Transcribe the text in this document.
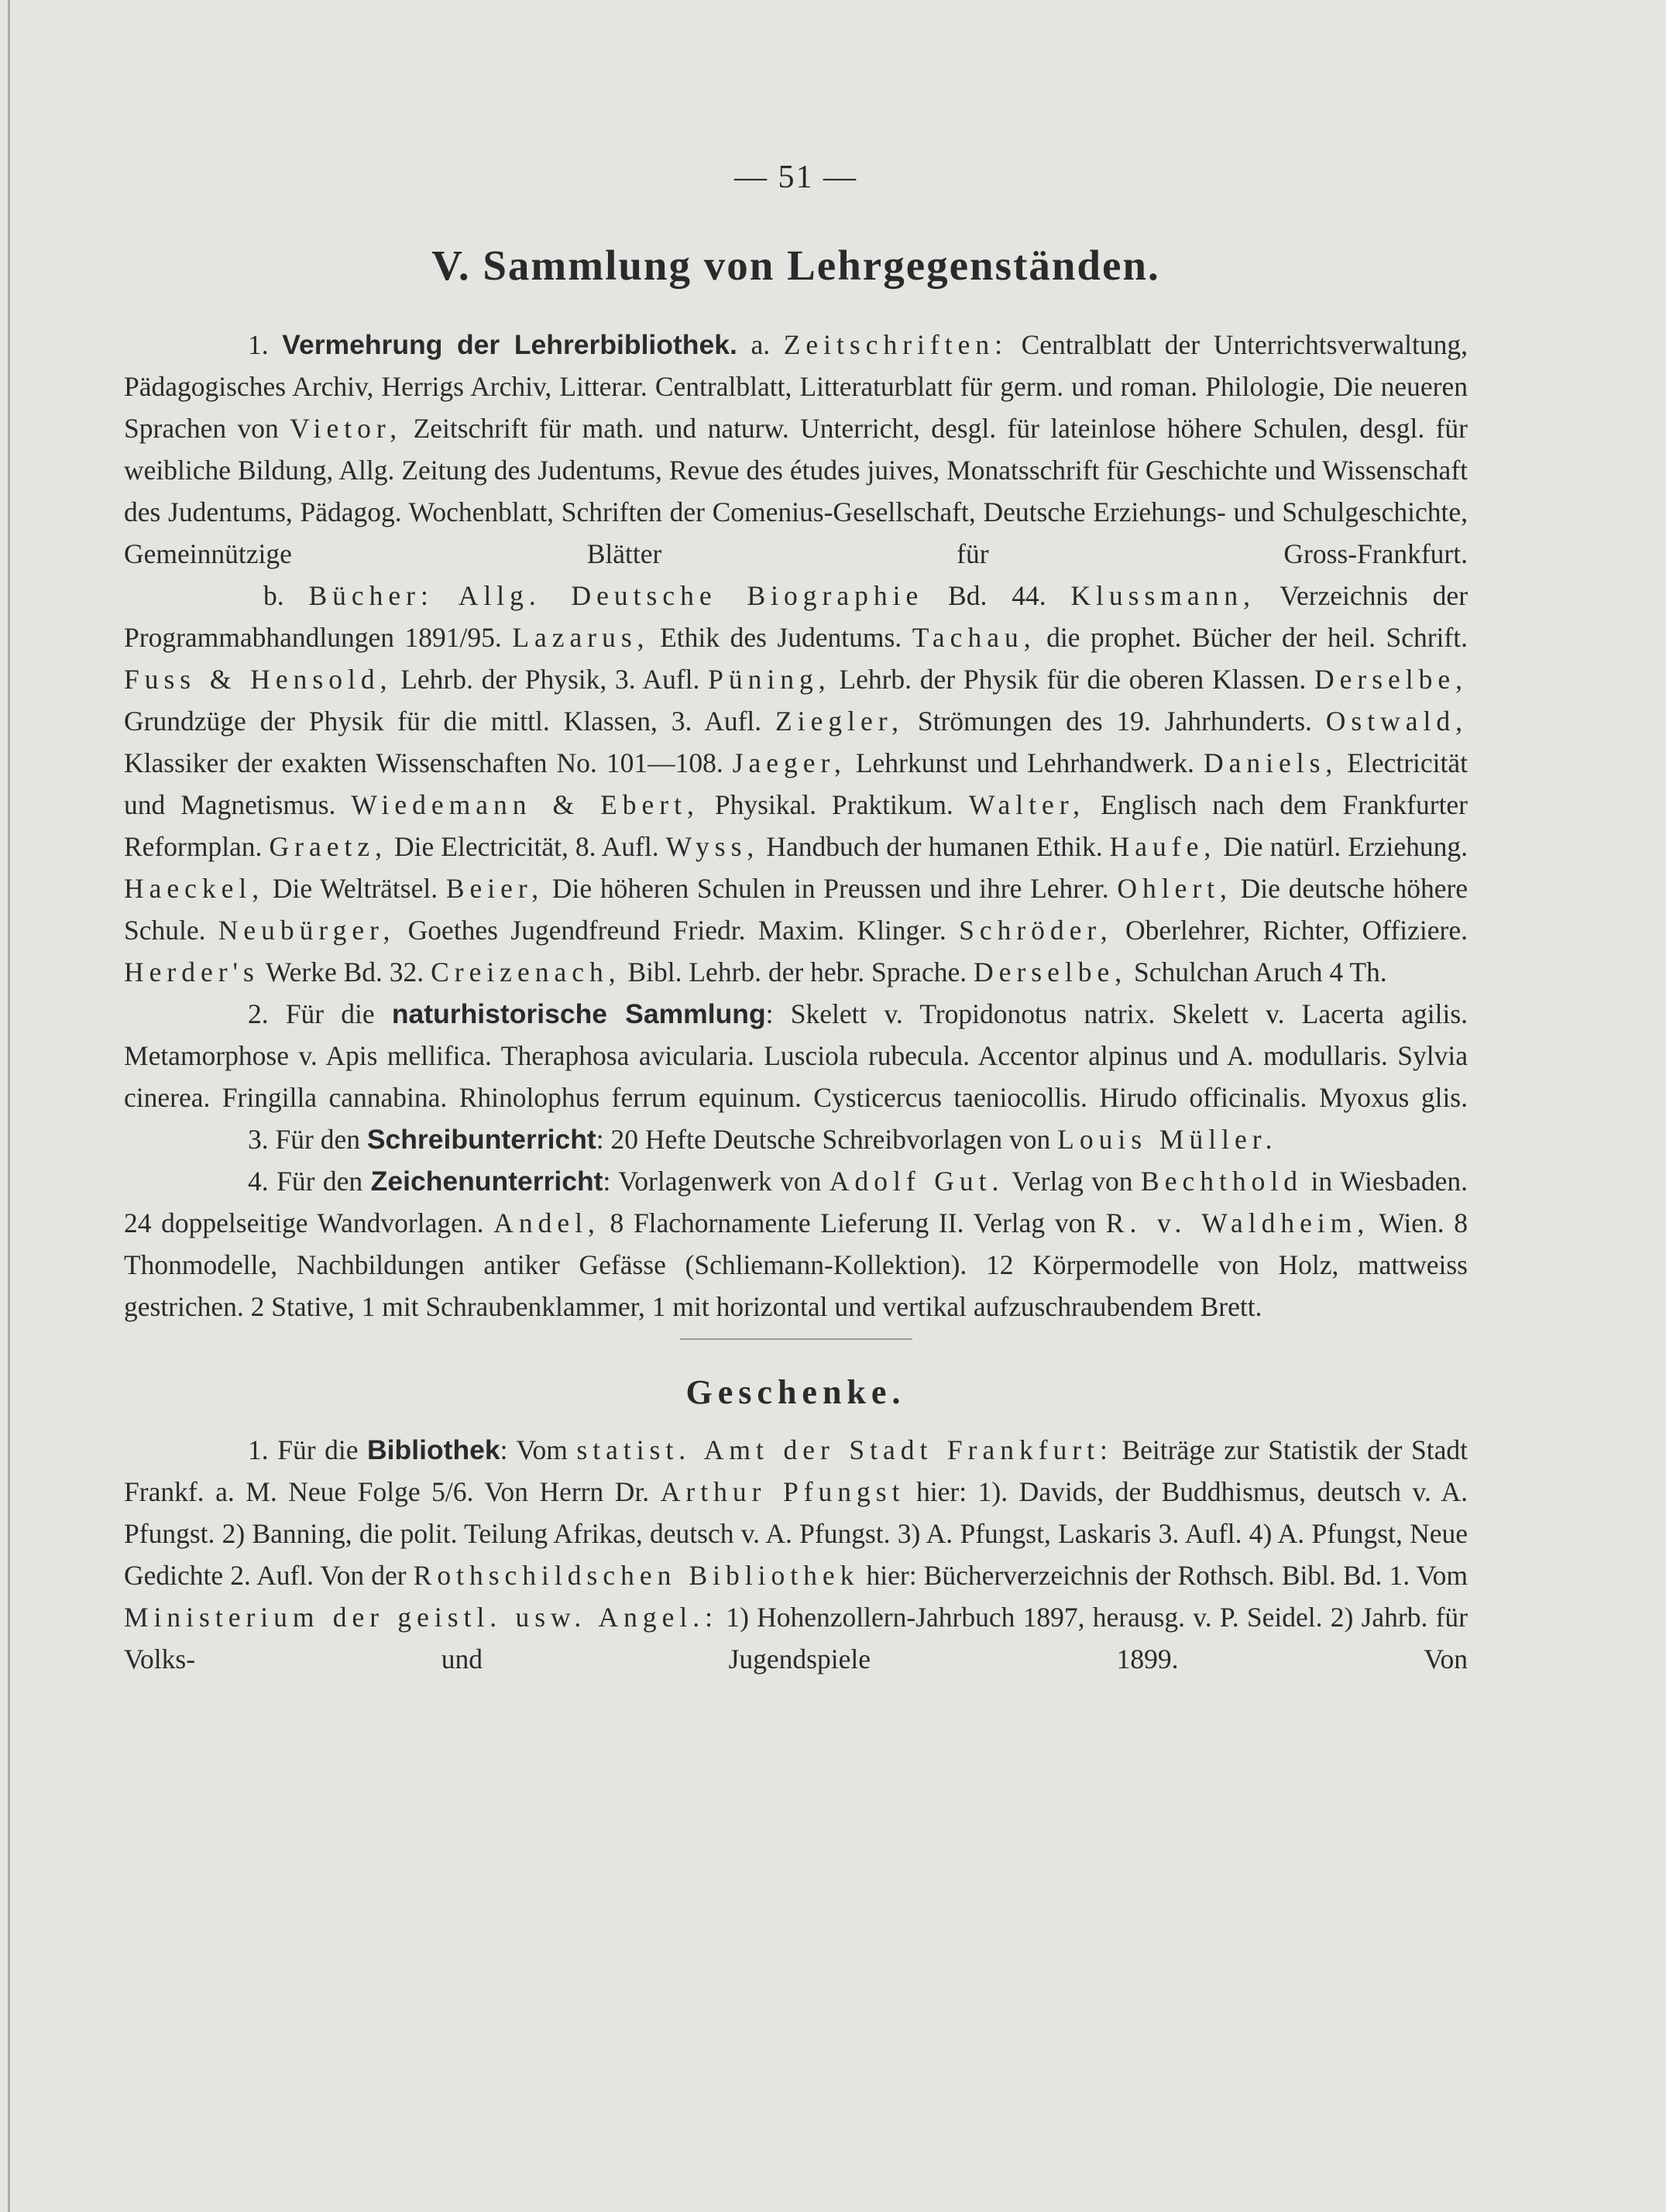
— 51 —
V. Sammlung von Lehrgegenständen.

1. Vermehrung der Lehrerbibliothek. a. Zeitschriften: Centralblatt der Unterrichtsverwaltung, Pädagogisches Archiv, Herrigs Archiv, Litterar. Centralblatt, Litteraturblatt für germ. und roman. Philologie, Die neueren Sprachen von Vietor, Zeitschrift für math. und naturw. Unterricht, desgl. für lateinlose höhere Schulen, desgl. für weibliche Bildung, Allg. Zeitung des Judentums, Revue des études juives, Monatsschrift für Geschichte und Wissenschaft des Judentums, Pädagog. Wochenblatt, Schriften der Comenius-Gesellschaft, Deutsche Erziehungs- und Schulgeschichte, Gemeinnützige Blätter für Gross-Frankfurt.

b. Bücher: Allg. Deutsche Biographie Bd. 44. Klussmann, Verzeichnis der Programmabhandlungen 1891/95. Lazarus, Ethik des Judentums. Tachau, die prophet. Bücher der heil. Schrift. Fuss & Hensold, Lehrb. der Physik, 3. Aufl. Püning, Lehrb. der Physik für die oberen Klassen. Derselbe, Grundzüge der Physik für die mittl. Klassen, 3. Aufl. Ziegler, Strömungen des 19. Jahrhunderts. Ostwald, Klassiker der exakten Wissenschaften No. 101—108. Jaeger, Lehrkunst und Lehrhandwerk. Daniels, Electricität und Magnetismus. Wiedemann & Ebert, Physikal. Praktikum. Walter, Englisch nach dem Frankfurter Reformplan. Graetz, Die Electricität, 8. Aufl. Wyss, Handbuch der humanen Ethik. Haufe, Die natürl. Erziehung. Haeckel, Die Welträtsel. Beier, Die höheren Schulen in Preussen und ihre Lehrer. Ohlert, Die deutsche höhere Schule. Neubürger, Goethes Jugendfreund Friedr. Maxim. Klinger. Schröder, Oberlehrer, Richter, Offiziere. Herder's Werke Bd. 32. Creizenach, Bibl. Lehrb. der hebr. Sprache. Derselbe, Schulchan Aruch 4 Th.

2. Für die naturhistorische Sammlung: Skelett v. Tropidonotus natrix. Skelett v. Lacerta agilis. Metamorphose v. Apis mellifica. Theraphosa avicularia. Lusciola rubecula. Accentor alpinus und A. modullaris. Sylvia cinerea. Fringilla cannabina. Rhinolophus ferrum equinum. Cysticercus taeniocollis. Hirudo officinalis. Myoxus glis.

3. Für den Schreibunterricht: 20 Hefte Deutsche Schreibvorlagen von Louis Müller.

4. Für den Zeichenunterricht: Vorlagenwerk von Adolf Gut. Verlag von Bechthold in Wiesbaden. 24 doppelseitige Wandvorlagen. Andel, 8 Flachornamente Lieferung II. Verlag von R. v. Waldheim, Wien. 8 Thonmodelle, Nachbildungen antiker Gefässe (Schliemann-Kollektion). 12 Körpermodelle von Holz, mattweiss gestrichen. 2 Stative, 1 mit Schraubenklammer, 1 mit horizontal und vertikal aufzuschraubendem Brett.

Geschenke.

1. Für die Bibliothek: Vom statist. Amt der Stadt Frankfurt: Beiträge zur Statistik der Stadt Frankf. a. M. Neue Folge 5/6. Von Herrn Dr. Arthur Pfungst hier: 1). Davids, der Buddhismus, deutsch v. A. Pfungst. 2) Banning, die polit. Teilung Afrikas, deutsch v. A. Pfungst. 3) A. Pfungst, Laskaris 3. Aufl. 4) A. Pfungst, Neue Gedichte 2. Aufl. Von der Rothschildschen Bibliothek hier: Bücherverzeichnis der Rothsch. Bibl. Bd. 1. Vom Ministerium der geistl. usw. Angel.: 1) Hohenzollern-Jahrbuch 1897, herausg. v. P. Seidel. 2) Jahrb. für Volks- und Jugendspiele 1899. Von
